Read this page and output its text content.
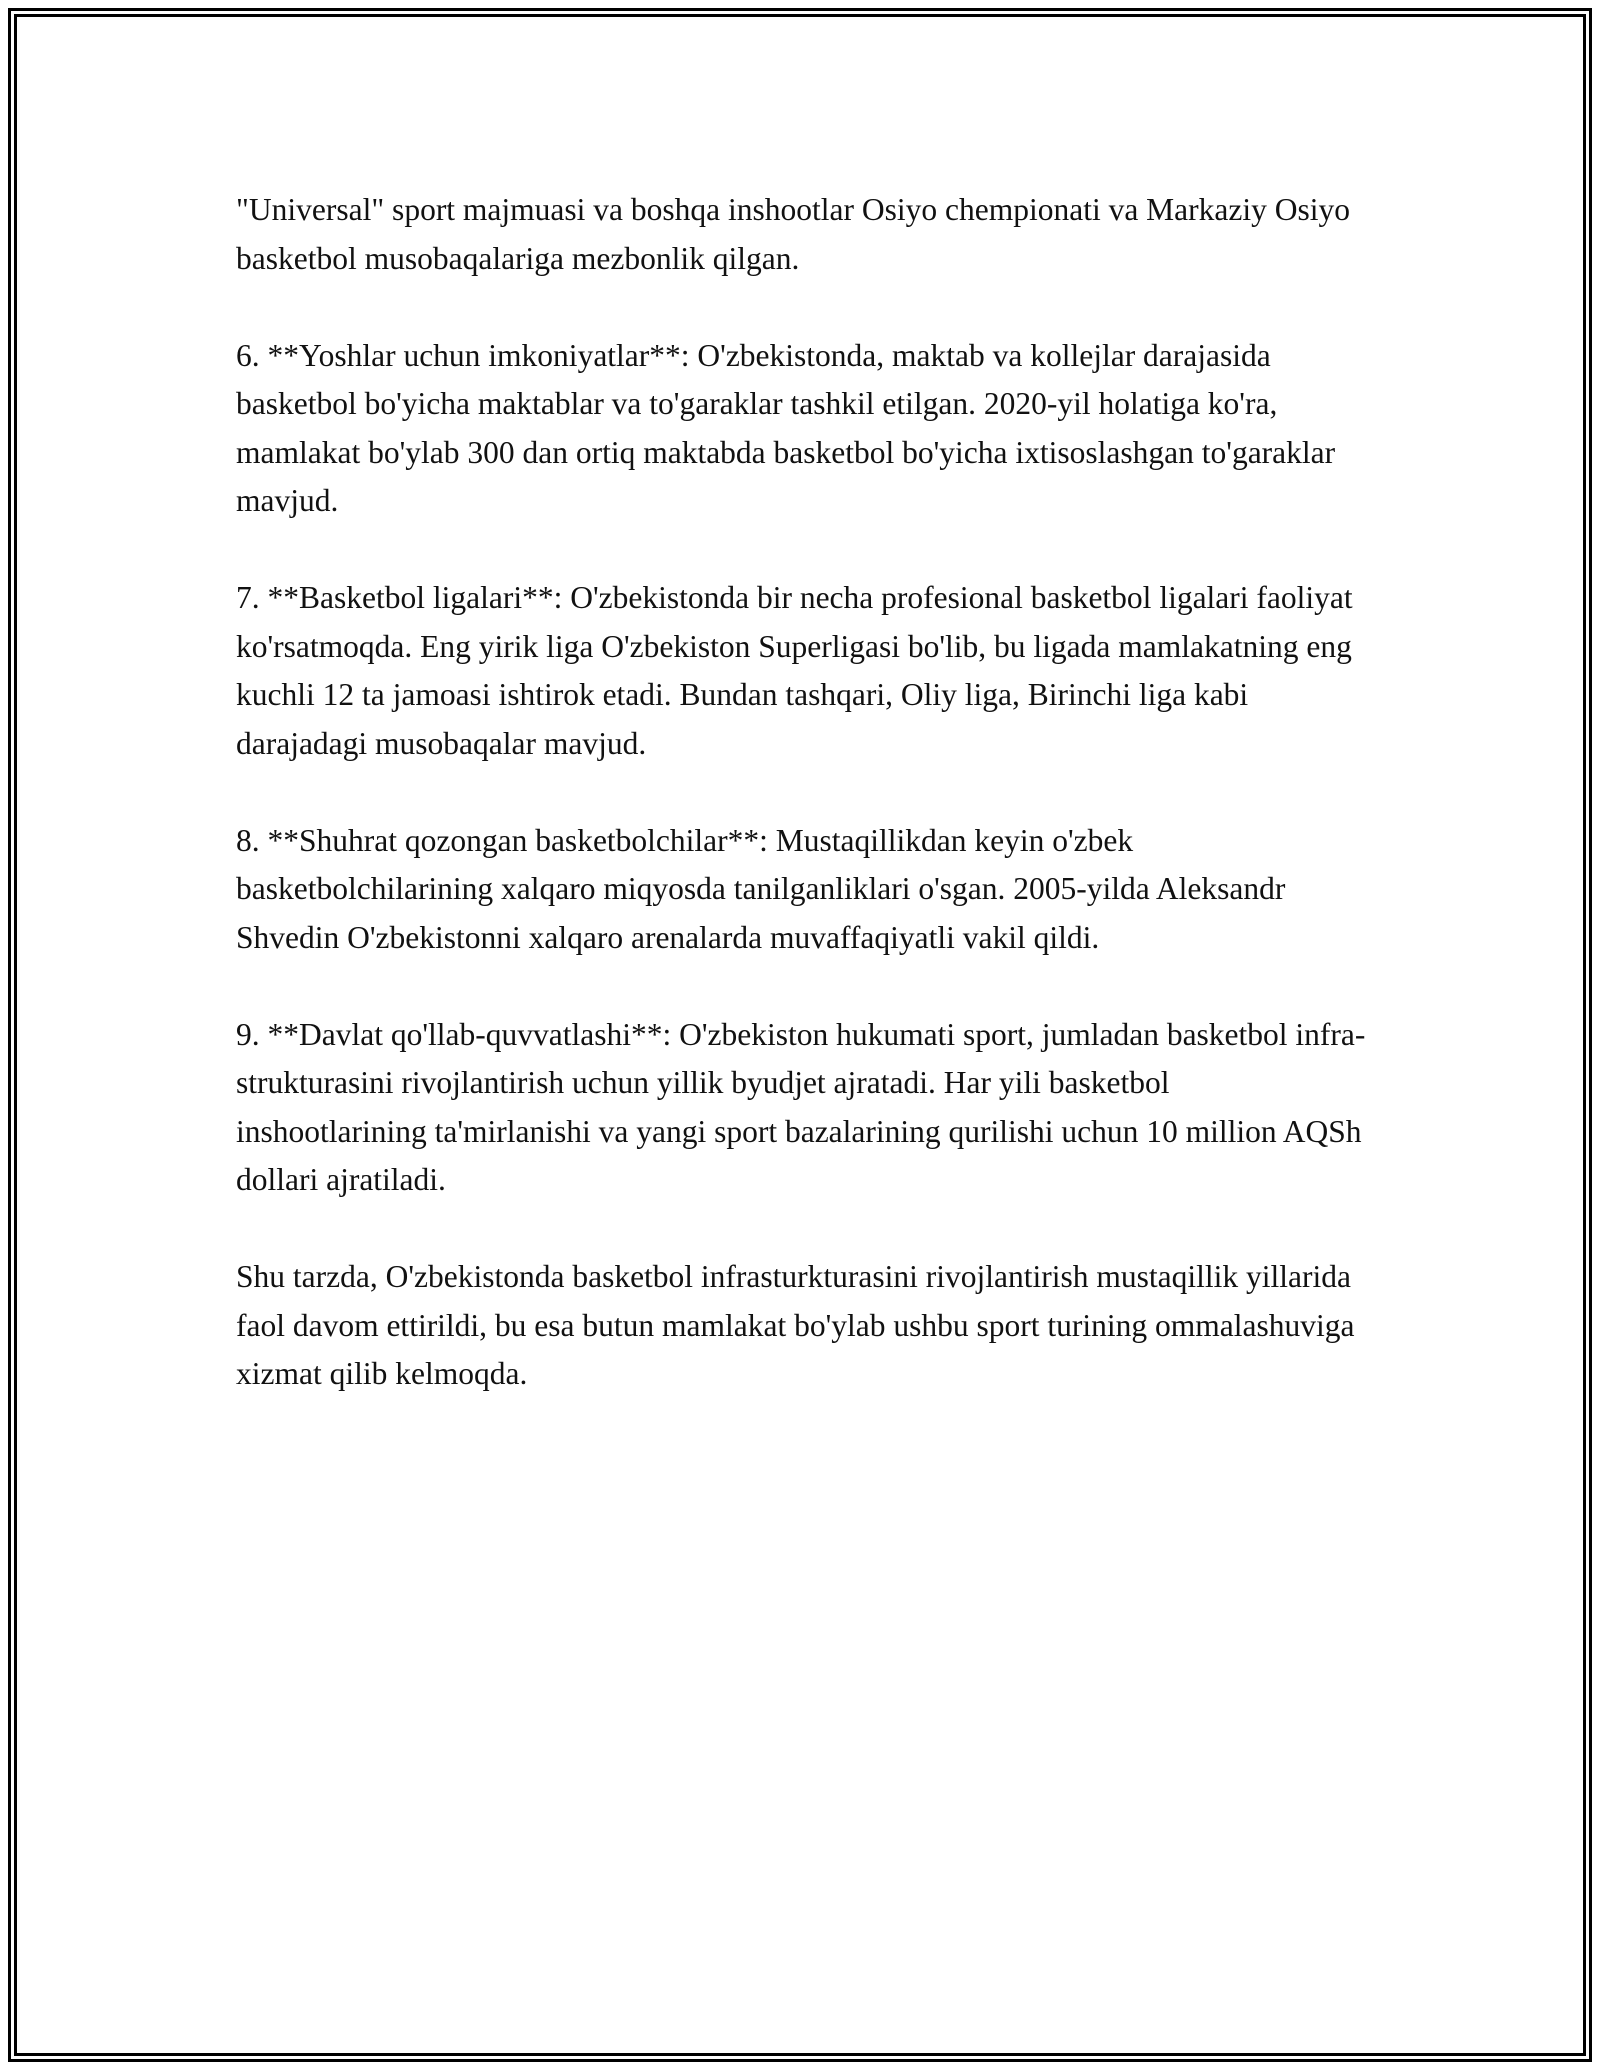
"Universal" sport majmuasi va boshqa inshootlar Osiyo chempionati va Markaziy Osiyo basketbol musobaqalariga mezbonlik qilgan.

6. **Yoshlar uchun imkoniyatlar**: O'zbekistonda, maktab va kollejlar darajasida basketbol bo'yicha maktablar va to'garaklar tashkil etilgan. 2020-yil holatiga ko'ra, mamlakat bo'ylab 300 dan ortiq maktabda basketbol bo'yicha ixtisoslashgan to'garaklar mavjud.

7. **Basketbol ligalari**: O'zbekistonda bir necha profesional basketbol ligalari faoliyat ko'rsatmoqda. Eng yirik liga O'zbekiston Superligasi bo'lib, bu ligada mamlakatning eng kuchli 12 ta jamoasi ishtirok etadi. Bundan tashqari, Oliy liga, Birinchi liga kabi darajadagi musobaqalar mavjud.

8. **Shuhrat qozongan basketbolchilar**: Mustaqillikdan keyin o'zbek basketbolchilarining xalqaro miqyosda tanilganliklari o'sgan. 2005-yilda Aleksandr Shvedin O'zbekistonni xalqaro arenalarda muvaffaqiyatli vakil qildi.

9. **Davlat qo'llab-quvvatlashi**: O'zbekiston hukumati sport, jumladan basketbol infra-strukturasini rivojlantirish uchun yillik byudjet ajratadi. Har yili basketbol inshootlarining ta'mirlanishi va yangi sport bazalarining qurilishi uchun 10 million AQSh dollari ajratiladi.

Shu tarzda, O'zbekistonda basketbol infrasturkturasini rivojlantirish mustaqillik yillarida faol davom ettirildi, bu esa butun mamlakat bo'ylab ushbu sport turining ommalashuviga xizmat qilib kelmoqda.
